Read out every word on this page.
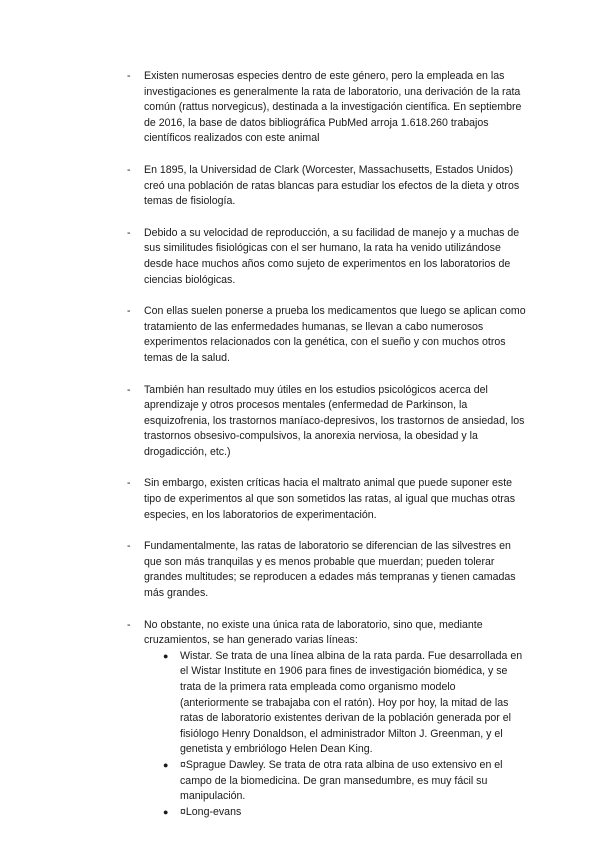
- Existen numerosas especies dentro de este género, pero la empleada en las investigaciones es generalmente la rata de laboratorio, una derivación de la rata común (rattus norvegicus), destinada a la investigación científica. En septiembre de 2016, la base de datos bibliográfica PubMed arroja 1.618.260 trabajos científicos realizados con este animal
- En 1895, la Universidad de Clark (Worcester, Massachusetts, Estados Unidos) creó una población de ratas blancas para estudiar los efectos de la dieta y otros temas de fisiología.
- Debido a su velocidad de reproducción, a su facilidad de manejo y a muchas de sus similitudes fisiológicas con el ser humano, la rata ha venido utilizándose desde hace muchos años como sujeto de experimentos en los laboratorios de ciencias biológicas.
- Con ellas suelen ponerse a prueba los medicamentos que luego se aplican como tratamiento de las enfermedades humanas, se llevan a cabo numerosos experimentos relacionados con la genética, con el sueño y con muchos otros temas de la salud.
- También han resultado muy útiles en los estudios psicológicos acerca del aprendizaje y otros procesos mentales (enfermedad de Parkinson, la esquizofrenia, los trastornos maníaco-depresivos, los trastornos de ansiedad, los trastornos obsesivo-compulsivos, la anorexia nerviosa, la obesidad y la drogadicción, etc.)
- Sin embargo, existen críticas hacia el maltrato animal que puede suponer este tipo de experimentos al que son sometidos las ratas, al igual que muchas otras especies, en los laboratorios de experimentación.
- Fundamentalmente, las ratas de laboratorio se diferencian de las silvestres en que son más tranquilas y es menos probable que muerdan; pueden tolerar grandes multitudes; se reproducen a edades más tempranas y tienen camadas más grandes.
- No obstante, no existe una única rata de laboratorio, sino que, mediante cruzamientos, se han generado varias líneas:
● Wistar. Se trata de una línea albina de la rata parda. Fue desarrollada en el Wistar Institute en 1906 para fines de investigación biomédica, y se trata de la primera rata empleada como organismo modelo (anteriormente se trabajaba con el ratón). Hoy por hoy, la mitad de las ratas de laboratorio existentes derivan de la población generada por el fisiólogo Henry Donaldson, el administrador Milton J. Greenman, y el genetista y embriólogo Helen Dean King.
● ¤Sprague Dawley. Se trata de otra rata albina de uso extensivo en el campo de la biomedicina. De gran mansedumbre, es muy fácil su manipulación.
● ¤Long-evans
